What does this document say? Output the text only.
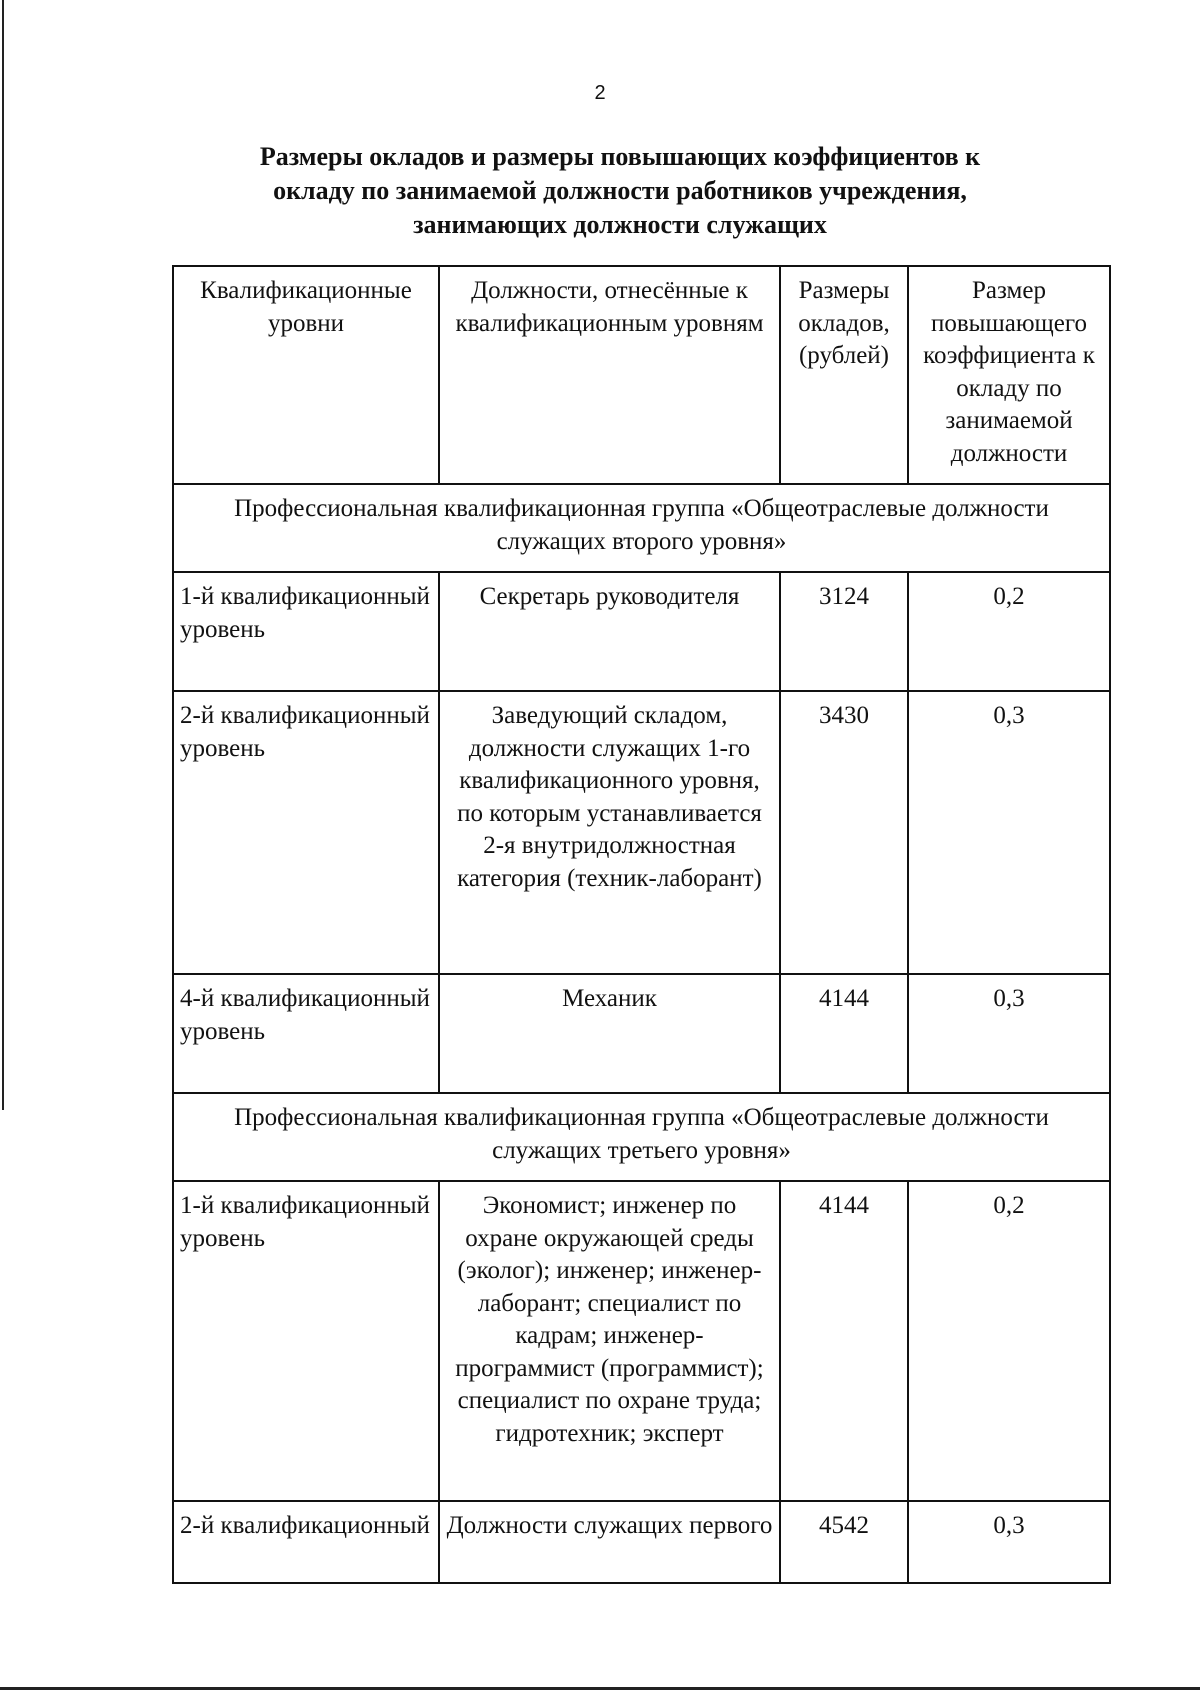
2
Размеры окладов и размеры повышающих коэффициентов к
окладу по занимаемой должности работников учреждения,
занимающих должности служащих
Квалификационные уровни	Должности, отнесённые к квалификационным уровням	Размеры окладов, (рублей)	Размер повышающего коэффициента к окладу по занимаемой должности
Профессиональная квалификационная группа «Общеотраслевые должности служащих второго уровня»			
1-й квалификационный уровень	Секретарь руководителя	3124	0,2
2-й квалификационный уровень	Заведующий складом, должности служащих 1-го квалификационного уровня, по которым устанавливается 2-я внутридолжностная категория (техник-лаборант)	3430	0,3
4-й квалификационный уровень	Механик	4144	0,3
Профессиональная квалификационная группа «Общеотраслевые должности служащих третьего уровня»			
1-й квалификационный уровень	Экономист; инженер по охране окружающей среды (эколог); инженер; инженер-лаборант; специалист по кадрам; инженер-программист (программист); специалист по охране труда; гидротехник; эксперт	4144	0,2
2-й квалификационный	Должности служащих первого	4542	0,3
